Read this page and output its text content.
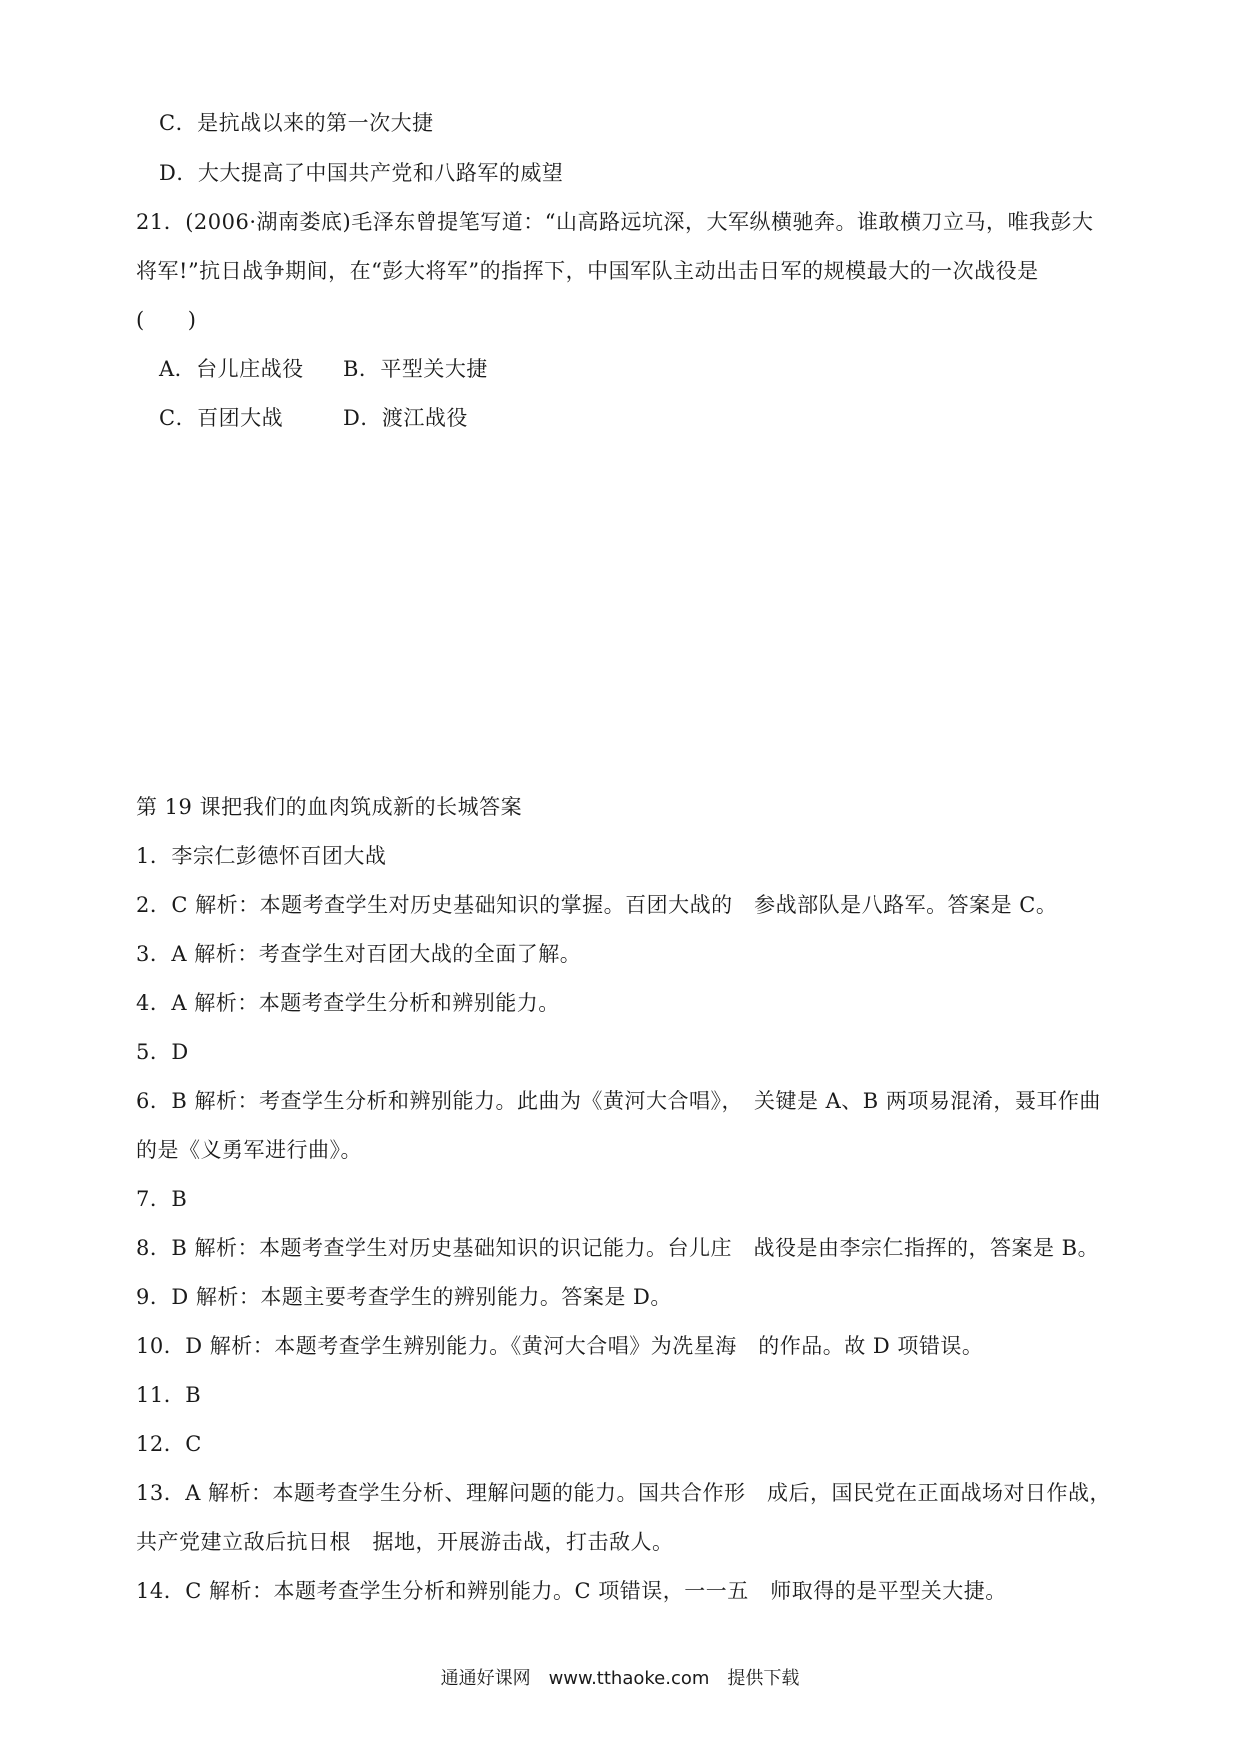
C．是抗战以来的第一次大捷
D．大大提高了中国共产党和八路军的威望
21．(2006·湖南娄底)毛泽东曾提笔写道：“山高路远坑深，大军纵横驰奔。谁敢横刀立马，唯我彭大
将军!”抗日战争期间，在“彭大将军”的指挥下，中国军队主动出击日军的规模最大的一次战役是
(　　)
A．台儿庄战役 B．平型关大捷
C．百团大战	D．渡江战役
第 19 课把我们的血肉筑成新的长城答案
1．李宗仁彭德怀百团大战
2．C 解析：本题考查学生对历史基础知识的掌握。百团大战的　参战部队是八路军。答案是 C。
3．A 解析：考查学生对百团大战的全面了解。
4．A 解析：本题考查学生分析和辨别能力。
5．D
6．B 解析：考查学生分析和辨别能力。此曲为《黄河大合唱》，　关键是 A、B 两项易混淆，聂耳作曲
的是《义勇军进行曲》。
7．B
8．B 解析：本题考查学生对历史基础知识的识记能力。台儿庄　战役是由李宗仁指挥的，答案是 B。
9．D 解析：本题主要考查学生的辨别能力。答案是 D。
10．D 解析：本题考查学生辨别能力。《黄河大合唱》为冼星海　的作品。故 D 项错误。
11．B
12．C
13．A 解析：本题考查学生分析、理解问题的能力。国共合作形　成后，国民党在正面战场对日作战，
共产党建立敌后抗日根　据地，开展游击战，打击敌人。
14．C 解析：本题考查学生分析和辨别能力。C 项错误，一一五　师取得的是平型关大捷。
通通好课网　www.tthaoke.com　提供下载
